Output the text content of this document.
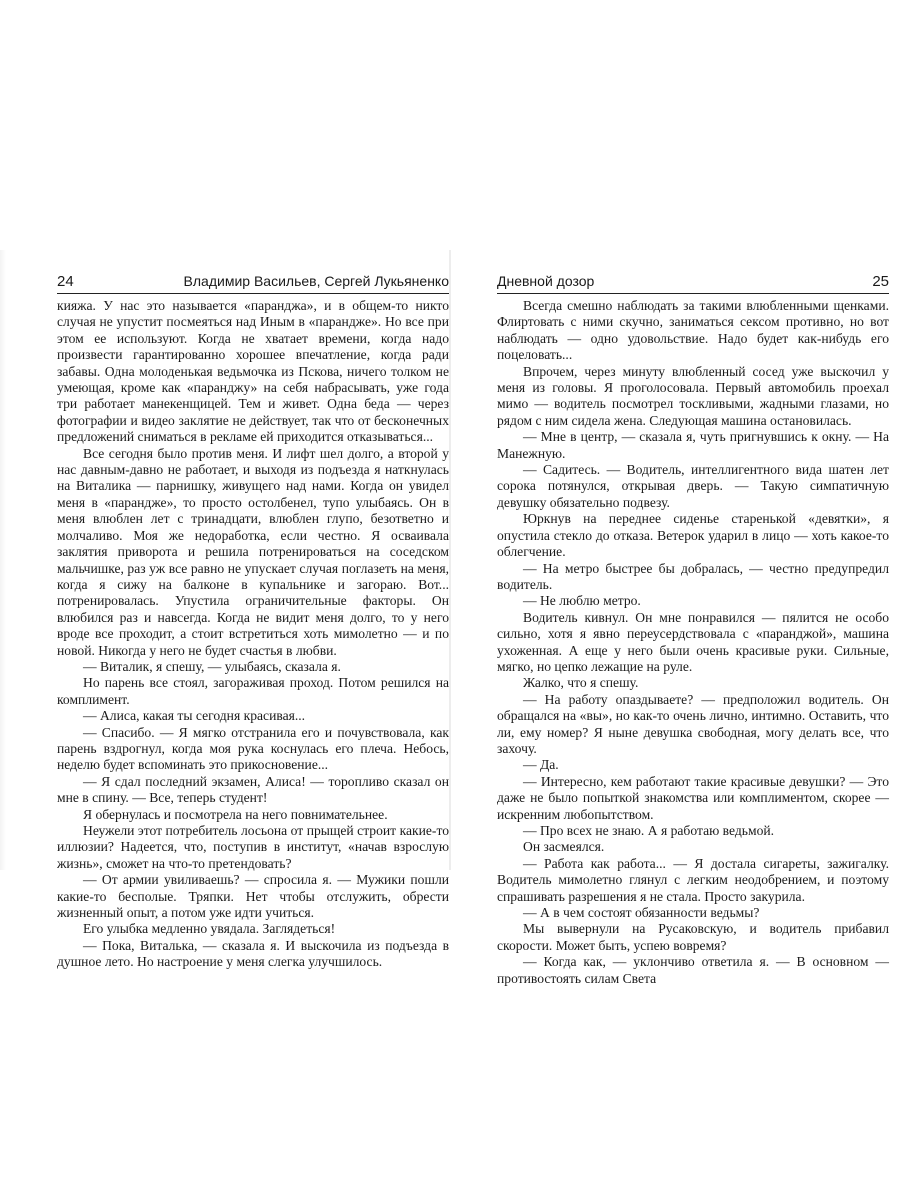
24	Владимир Васильев, Сергей Лукьяненко

кияжа. У нас это называется «паранджа», и в общем-то никто случая не упустит посмеяться над Иным в «парандже». Но все при этом ее используют. Когда не хватает времени, когда надо произвести гарантированно хорошее впечатление, когда ради забавы. Одна молоденькая ведьмочка из Пскова, ничего толком не умеющая, кроме как «паранджу» на себя набрасывать, уже года три работает манекенщицей. Тем и живет. Одна беда — через фотографии и видео заклятие не действует, так что от бесконечных предложений сниматься в рекламе ей приходится отказываться...

Все сегодня было против меня. И лифт шел долго, а второй у нас давным-давно не работает, и выходя из подъезда я наткнулась на Виталика — парнишку, живущего над нами. Когда он увидел меня в «парандже», то просто остолбенел, тупо улыбаясь. Он в меня влюблен лет с тринадцати, влюблен глупо, безответно и молчаливо. Моя же недоработка, если честно. Я осваивала заклятия приворота и решила потренироваться на соседском мальчишке, раз уж все равно не упускает случая поглазеть на меня, когда я сижу на балконе в купальнике и загораю. Вот... потренировалась. Упустила ограничительные факторы. Он влюбился раз и навсегда. Когда не видит меня долго, то у него вроде все проходит, а стоит встретиться хоть мимолетно — и по новой. Никогда у него не будет счастья в любви.

— Виталик, я спешу, — улыбаясь, сказала я.

Но парень все стоял, загораживая проход. Потом решился на комплимент.

— Алиса, какая ты сегодня красивая...

— Спасибо. — Я мягко отстранила его и почувствовала, как парень вздрогнул, когда моя рука коснулась его плеча. Небось, неделю будет вспоминать это прикосновение...

— Я сдал последний экзамен, Алиса! — торопливо сказал он мне в спину. — Все, теперь студент!

Я обернулась и посмотрела на него повнимательнее.

Неужели этот потребитель лосьона от прыщей строит какие-то иллюзии? Надеется, что, поступив в институт, «начав взрослую жизнь», сможет на что-то претендовать?

— От армии увиливаешь? — спросила я. — Мужики пошли какие-то бесполые. Тряпки. Нет чтобы отслужить, обрести жизненный опыт, а потом уже идти учиться.

Его улыбка медленно увядала. Заглядеться!

— Пока, Виталька, — сказала я. И выскочила из подъезда в душное лето. Но настроение у меня слегка улучшилось.

Дневной дозор	25

Всегда смешно наблюдать за такими влюбленными щенками. Флиртовать с ними скучно, заниматься сексом противно, но вот наблюдать — одно удовольствие. Надо будет как-нибудь его поцеловать...

Впрочем, через минуту влюбленный сосед уже выскочил у меня из головы. Я проголосовала. Первый автомобиль проехал мимо — водитель посмотрел тоскливыми, жадными глазами, но рядом с ним сидела жена. Следующая машина остановилась.

— Мне в центр, — сказала я, чуть пригнувшись к окну. — На Манежную.

— Садитесь. — Водитель, интеллигентного вида шатен лет сорока потянулся, открывая дверь. — Такую симпатичную девушку обязательно подвезу.

Юркнув на переднее сиденье старенькой «девятки», я опустила стекло до отказа. Ветерок ударил в лицо — хоть какое-то облегчение.

— На метро быстрее бы добралась, — честно предупредил водитель.

— Не люблю метро.

Водитель кивнул. Он мне понравился — пялится не особо сильно, хотя я явно переусердствовала с «паранджой», машина ухоженная. А еще у него были очень красивые руки. Сильные, мягко, но цепко лежащие на руле.

Жалко, что я спешу.

— На работу опаздываете? — предположил водитель. Он обращался на «вы», но как-то очень лично, интимно. Оставить, что ли, ему номер? Я ныне девушка свободная, могу делать все, что захочу.

— Да.

— Интересно, кем работают такие красивые девушки? — Это даже не было попыткой знакомства или комплиментом, скорее — искренним любопытством.

— Про всех не знаю. А я работаю ведьмой.

Он засмеялся.

— Работа как работа... — Я достала сигареты, зажигалку. Водитель мимолетно глянул с легким неодобрением, и поэтому спрашивать разрешения я не стала. Просто закурила.

— А в чем состоят обязанности ведьмы?

Мы вывернули на Русаковскую, и водитель прибавил скорости. Может быть, успею вовремя?

— Когда как, — уклончиво ответила я. — В основном — противостоять силам Света
